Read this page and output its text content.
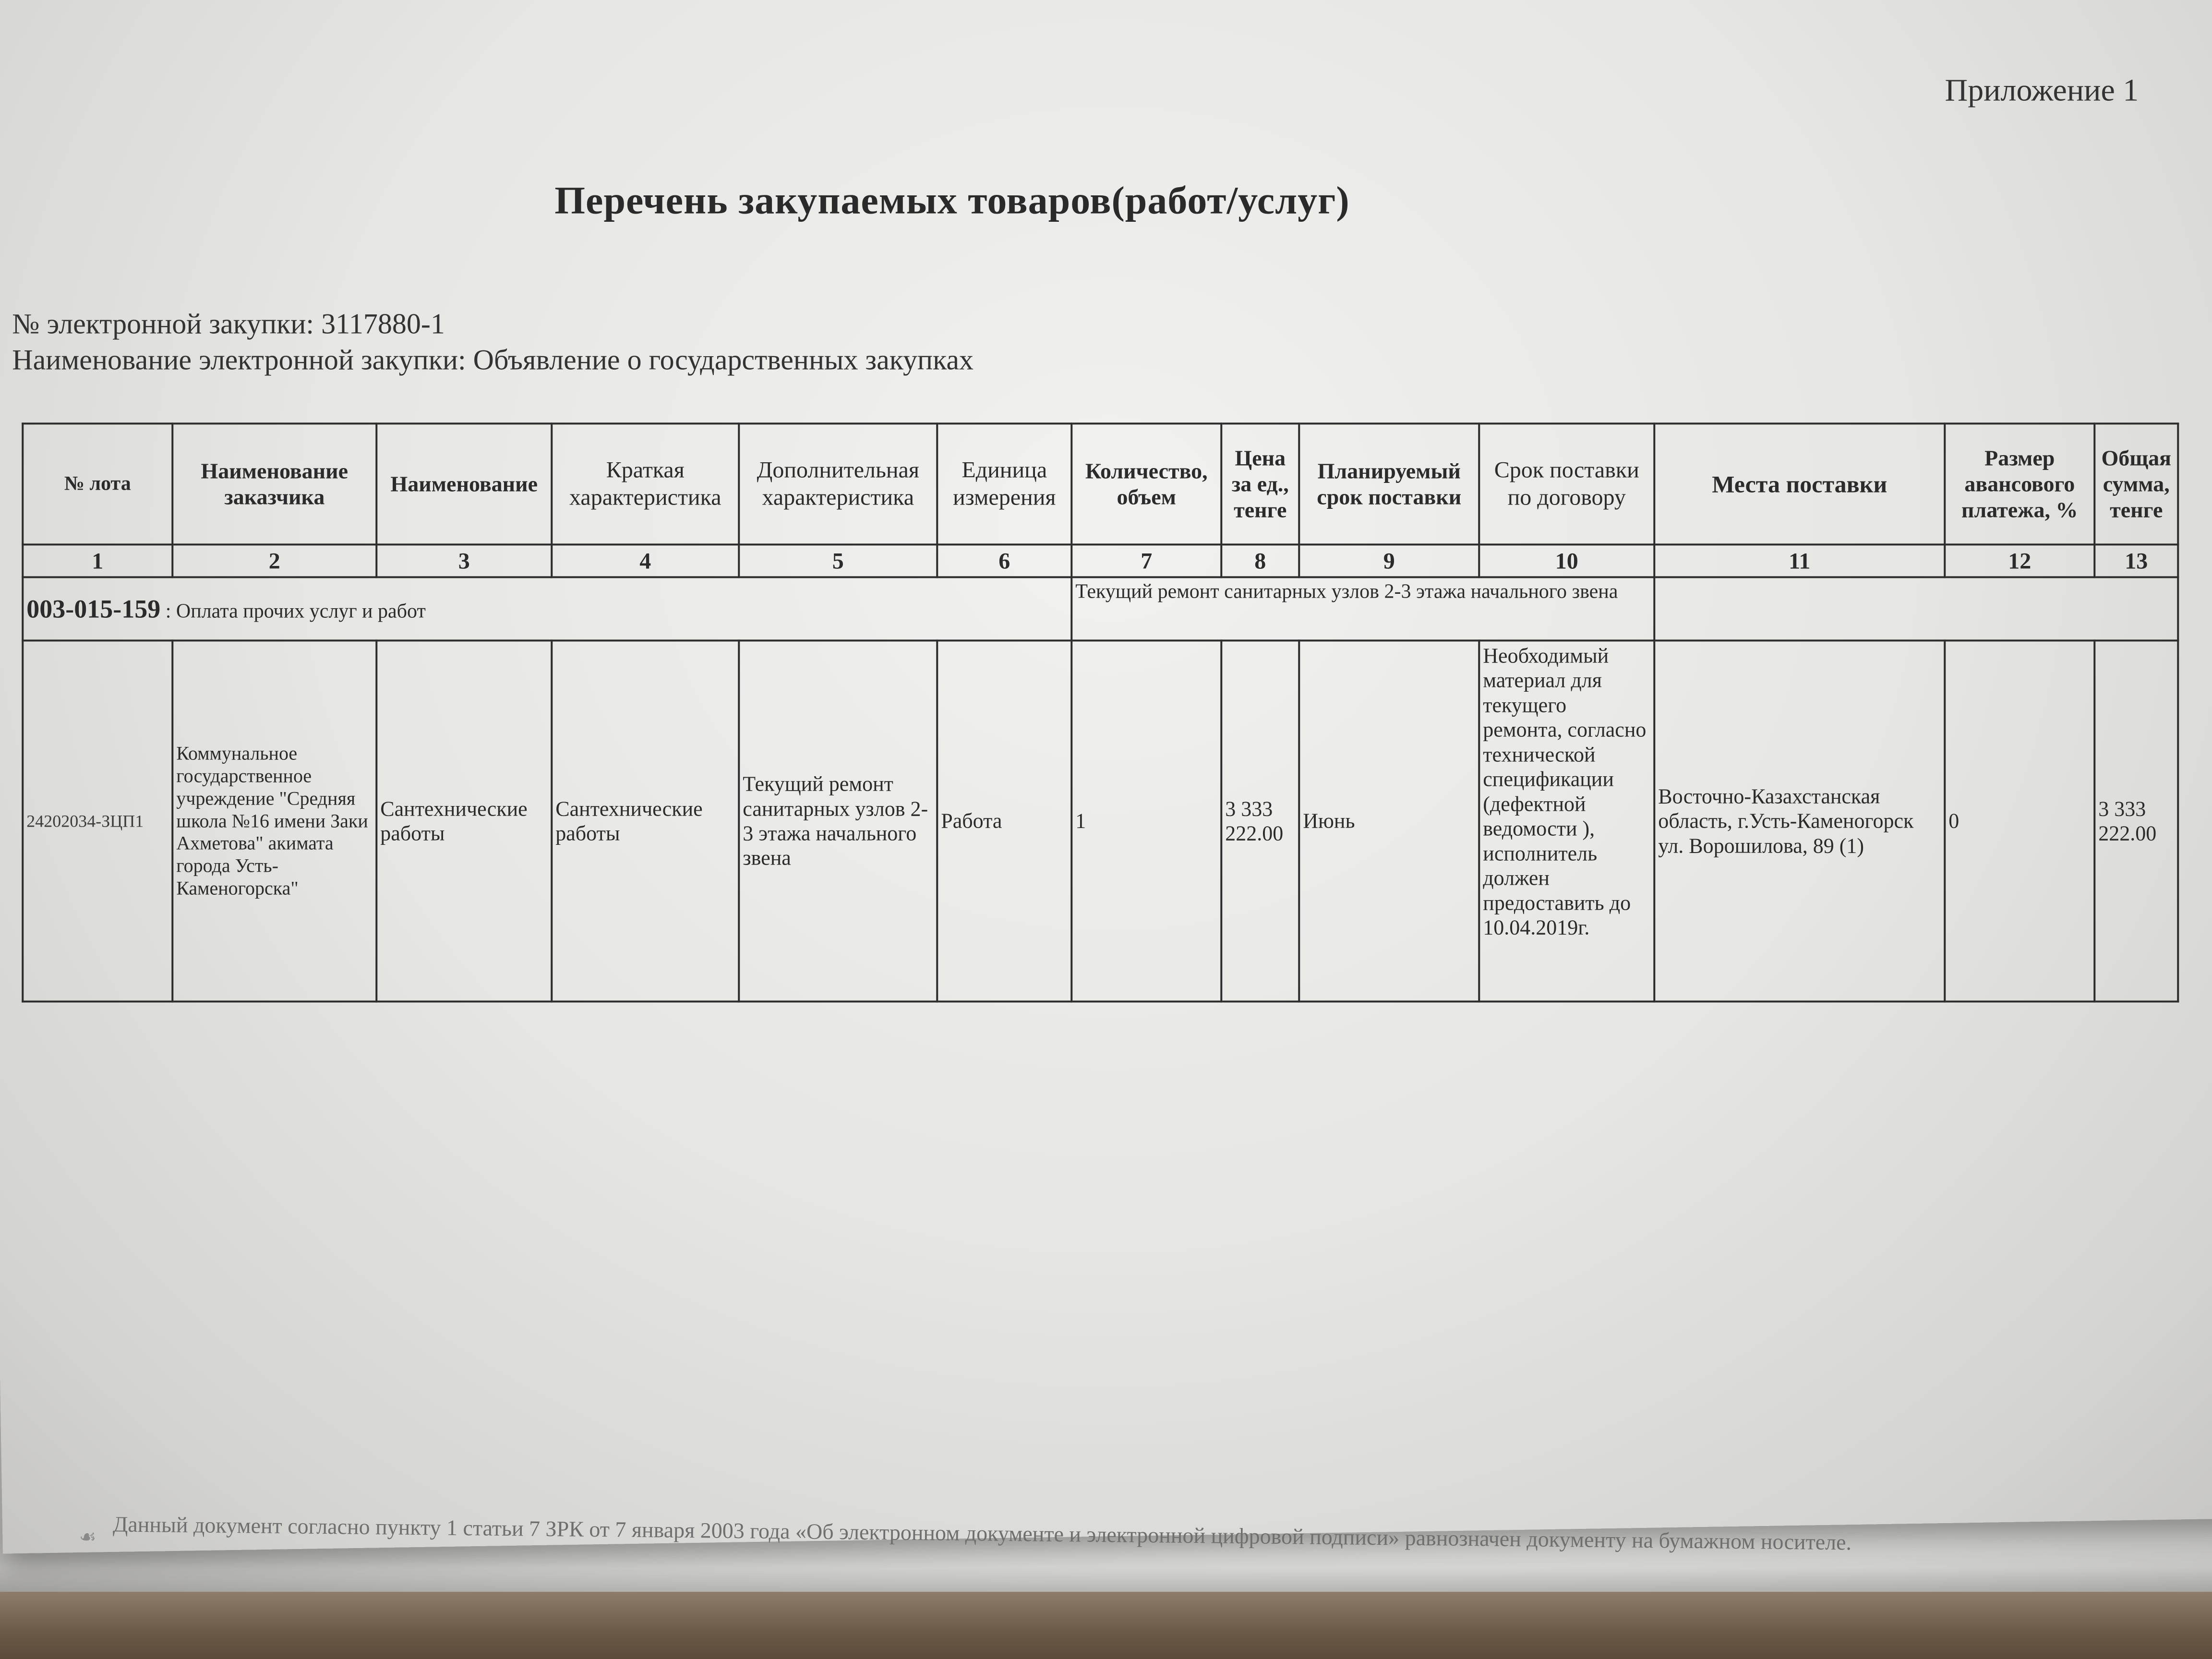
Приложение 1
Перечень закупаемых товаров(работ/услуг)
№ электронной закупки: 3117880-1
Наименование электронной закупки: Объявление о государственных закупках
№ лота	Наименование заказчика	Наименование	Краткая характеристика	Дополнительная характеристика	Единица измерения	Количество, объем	Цена за ед., тенге	Планируемый срок поставки	Срок поставки по договору	Места поставки	Размер авансового платежа, %	Общая сумма, тенге
1	2	3	4	5	6	7	8	9	10	11	12	13
003-015-159 : Оплата прочих услуг и работ						Текущий ремонт санитарных узлов 2-3 этажа начального звена						
24202034-ЗЦП1	Коммунальное государственное учреждение "Средняя школа №16 имени Заки Ахметова" акимата города Усть-Каменогорска"	Сантехнические работы	Сантехнические работы	Текущий ремонт санитарных узлов 2-3 этажа начального звена	Работа	1	3 333 222.00	Июнь	Необходимый материал для текущего ремонта, согласно технической спецификации (дефектной ведомости ), исполнитель должен предоставить до 10.04.2019г.	Восточно-Казахстанская область, г.Усть-Каменогорск ул. Ворошилова, 89 (1)	0	3 333 222.00
☙ Данный документ согласно пункту 1 статьи 7 ЗРК от 7 января 2003 года «Об электронном документе и электронной цифровой подписи» равнозначен документу на бумажном носителе.
